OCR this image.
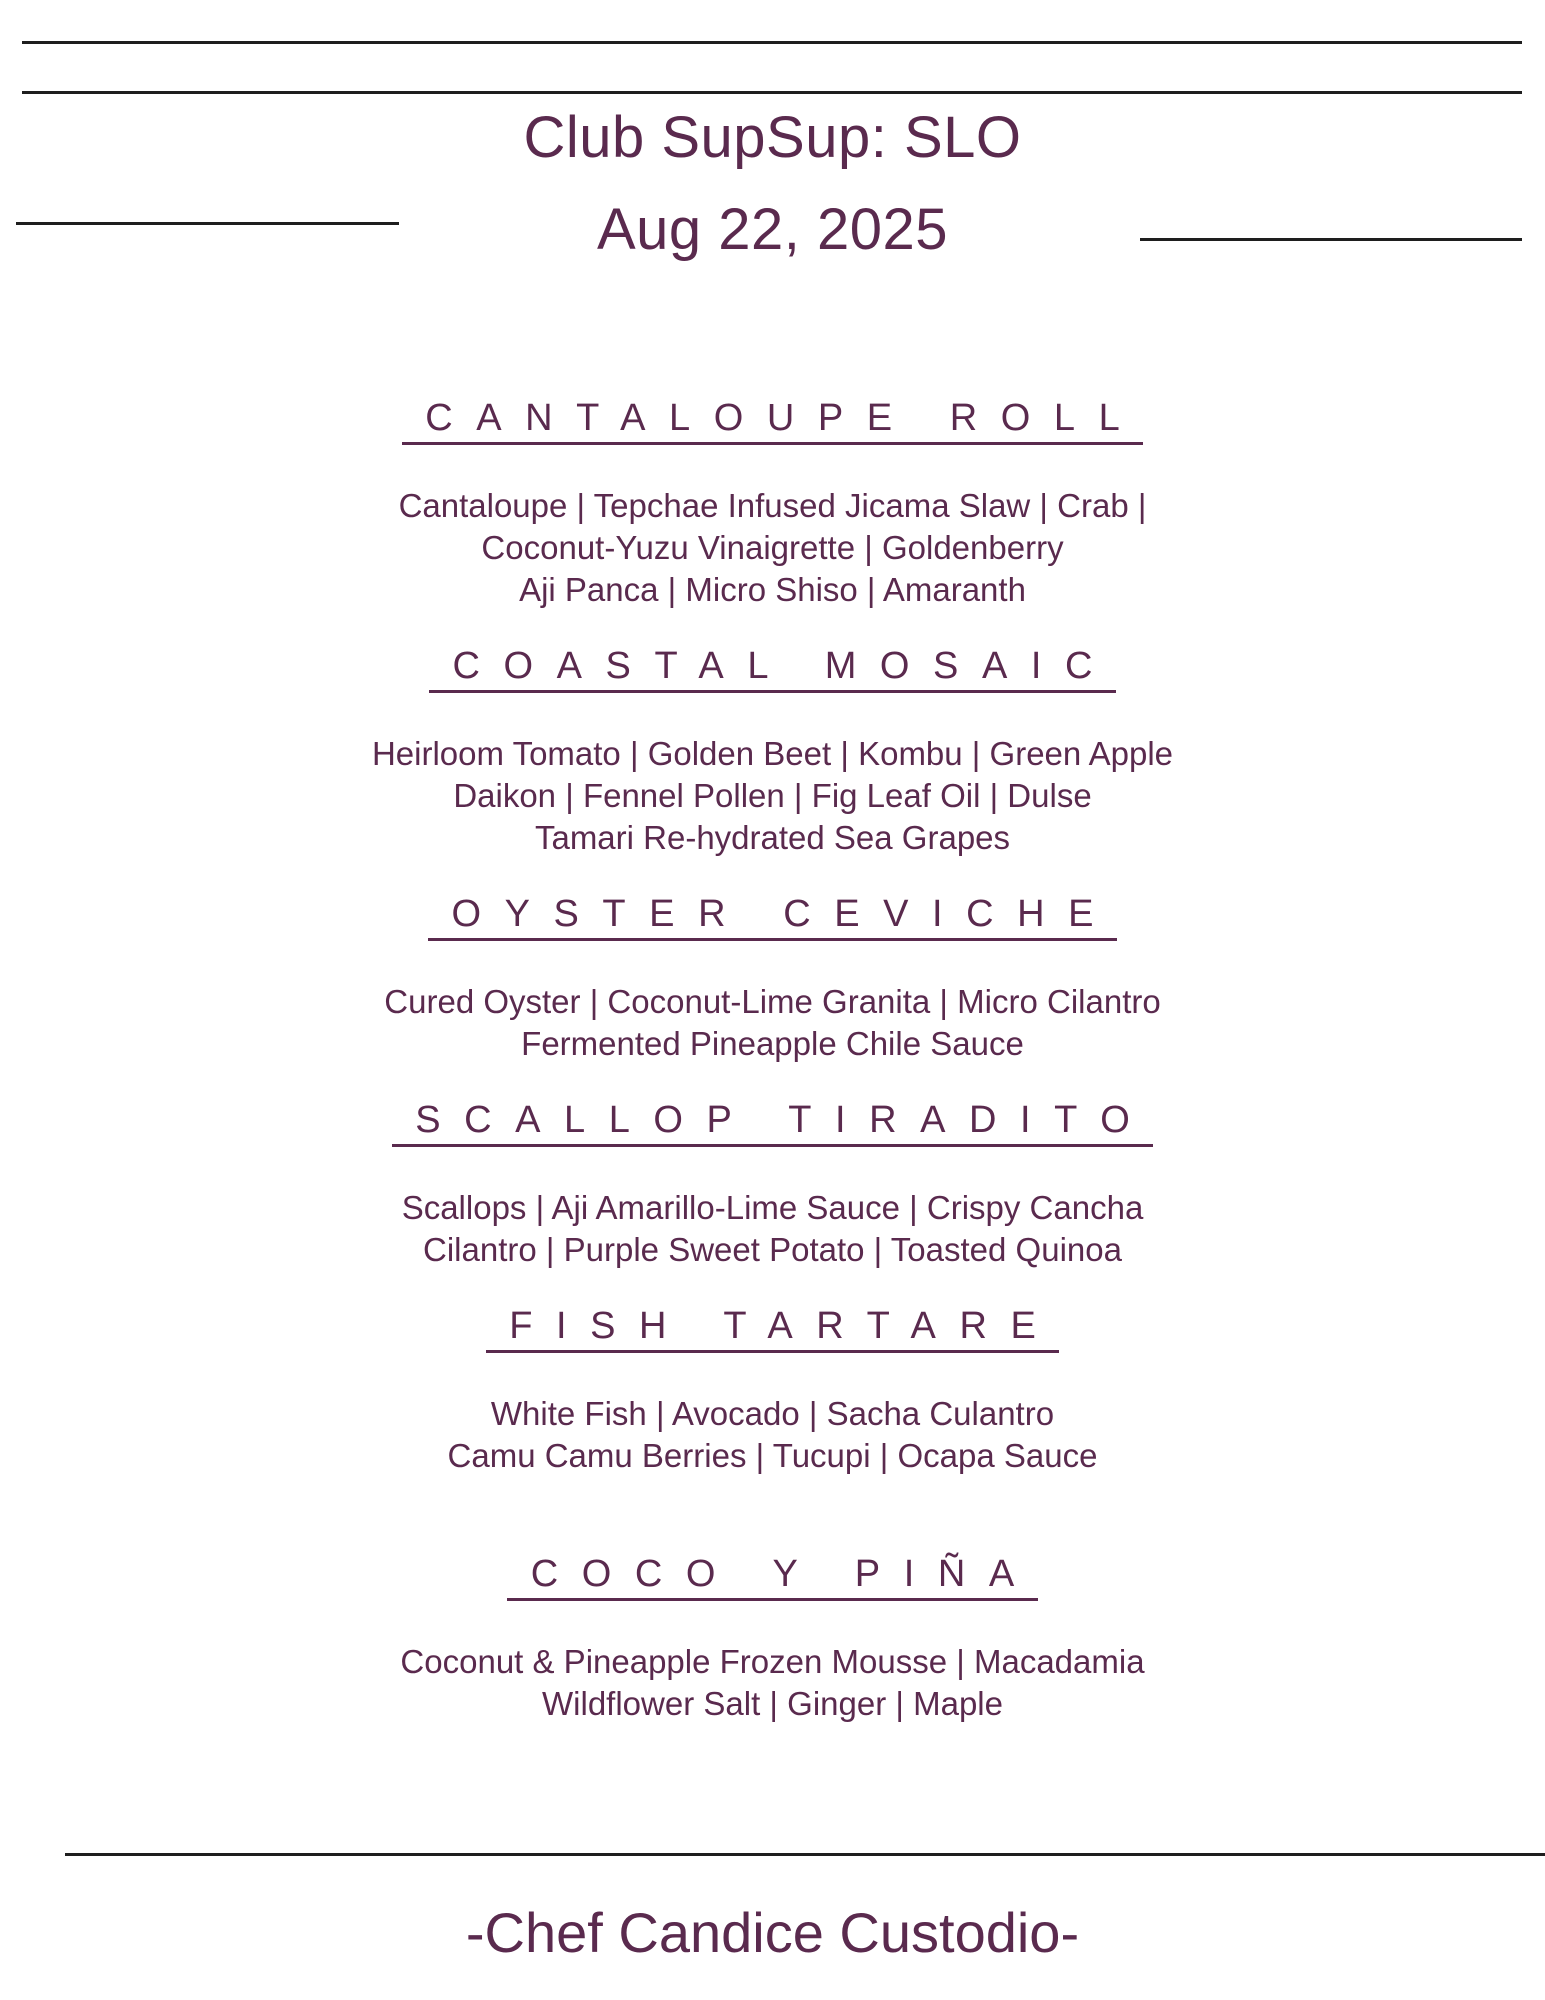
Club SupSup: SLO
Aug 22, 2025
CANTALOUPE ROLL
Cantaloupe | Tepchae Infused Jicama Slaw | Crab |
Coconut-Yuzu Vinaigrette | Goldenberry
Aji Panca | Micro Shiso | Amaranth
COASTAL MOSAIC
Heirloom Tomato | Golden Beet | Kombu | Green Apple
Daikon | Fennel Pollen | Fig Leaf Oil | Dulse
Tamari Re-hydrated Sea Grapes
OYSTER CEVICHE
Cured Oyster | Coconut-Lime Granita | Micro Cilantro
Fermented Pineapple Chile Sauce
SCALLOP TIRADITO
Scallops | Aji Amarillo-Lime Sauce | Crispy Cancha
Cilantro | Purple Sweet Potato | Toasted Quinoa
FISH TARTARE
White Fish | Avocado | Sacha Culantro
Camu Camu Berries | Tucupi | Ocapa Sauce
COCO Y PIÑA
Coconut & Pineapple Frozen Mousse | Macadamia
Wildflower Salt | Ginger | Maple
-Chef Candice Custodio-
